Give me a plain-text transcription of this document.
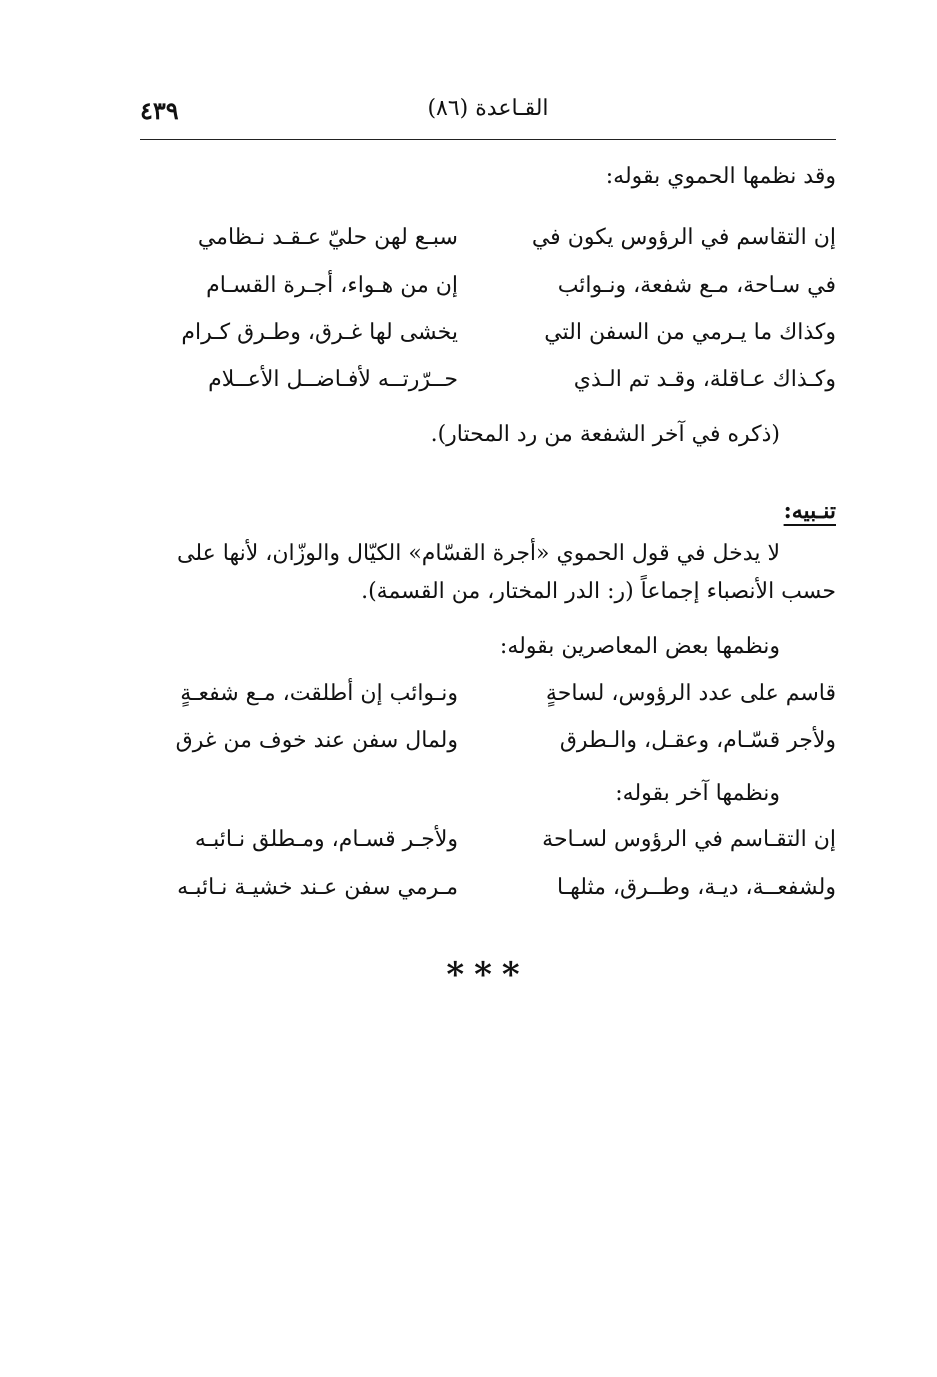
٤٣٩	القـاعدة (٨٦)
وقد نظمها الحموي بقوله:
إن التقاسم في الرؤوس يكون في
سبـع لهن حليّ عـقـد نـظامي
في سـاحة، مـع شفعة، ونـوائب
إن من هـواء، أجـرة القسـام
وكذاك ما يـرمي من السفن التي
يخشى لها غـرق، وطـرق كـرام
وكـذاك عـاقلة، وقـد تم الـذي
حــرّرتــه لأفـاضــل الأعــلام
(ذكره في آخر الشفعة من رد المحتار).
تنـبيه:
لا يدخل في قول الحموي «أجرة القسّام» الكيّال والوزّان، لأنها على
حسب الأنصباء إجماعاً (ر: الدر المختار، من القسمة).
ونظمها بعض المعاصرين بقوله:
قاسم على عدد الرؤوس، لساحةٍ
ونـوائب إن أطلقت، مـع شفعـةٍ
ولأجر قسّـام، وعقـل، والـطرق
ولمال سفن عند خوف من غرق
ونظمها آخر بقوله:
إن التقـاسم في الرؤوس لسـاحة
ولأجـر قسـام، ومـطلق نـائبـه
ولشفعــة، ديـة، وطــرق، مثلهـا
مـرمي سفن عـند خشيـة نـائبـه
***
